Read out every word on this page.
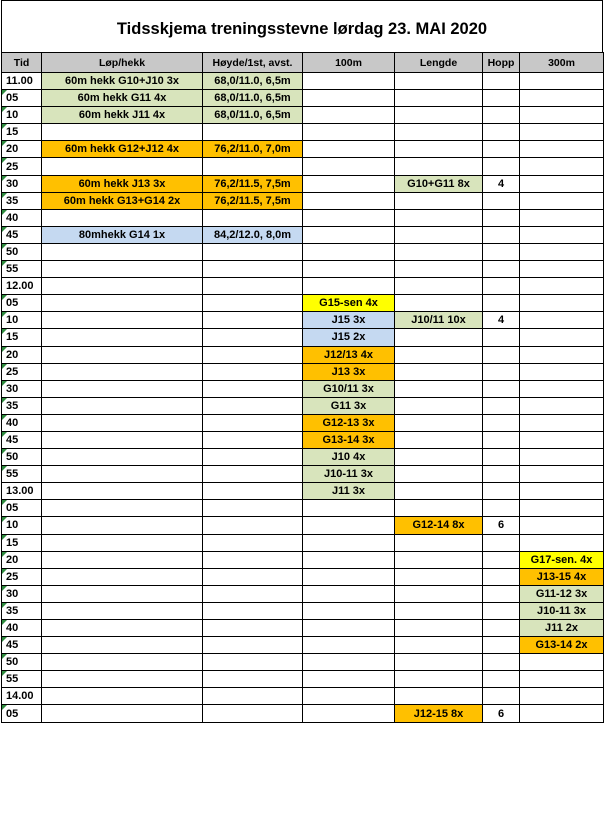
Tidsskjema treningsstevne lørdag 23. MAI 2020
Tid	Løp/hekk	Høyde/1st, avst.	100m	Lengde	Hopp	300m
11.00	60m hekk G10+J10 3x	68,0/11.0, 6,5m				
05	60m hekk G11 4x	68,0/11.0, 6,5m				
10	60m hekk J11 4x	68,0/11.0, 6,5m				
15						
20	60m hekk G12+J12 4x	76,2/11.0, 7,0m				
25						
30	60m hekk J13 3x	76,2/11.5, 7,5m		G10+G11 8x	4	
35	60m hekk G13+G14 2x	76,2/11.5, 7,5m				
40						
45	80mhekk G14 1x	84,2/12.0, 8,0m				
50						
55						
12.00						
05			G15-sen 4x			
10			J15 3x	J10/11 10x	4	
15			J15 2x			
20			J12/13 4x			
25			J13 3x			
30			G10/11 3x			
35			G11 3x			
40			G12-13 3x			
45			G13-14 3x			
50			J10 4x			
55			J10-11 3x			
13.00			J11 3x			
05						
10				G12-14 8x	6	
15						
20						G17-sen. 4x
25						J13-15 4x
30						G11-12 3x
35						J10-11 3x
40						J11 2x
45						G13-14 2x
50						
55						
14.00						
05				J12-15 8x	6	
